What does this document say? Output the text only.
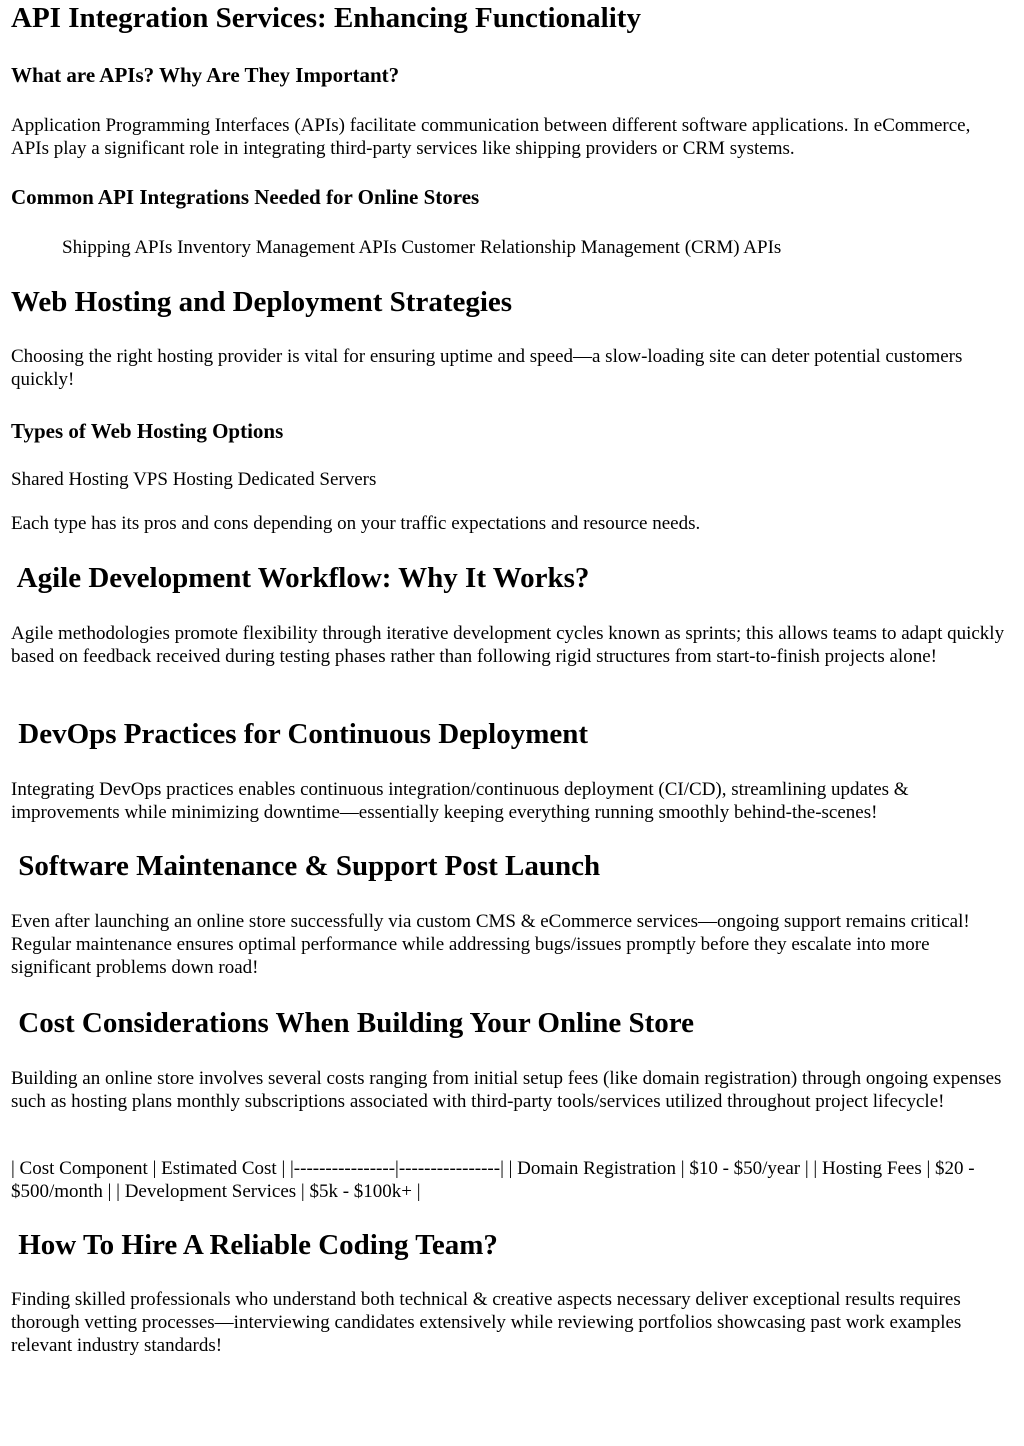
API Integration Services: Enhancing Functionality
What are APIs? Why Are They Important?

Application Programming Interfaces (APIs) facilitate communication between different software applications. In eCommerce, APIs play a significant role in integrating third-party services like shipping providers or CRM systems.

Common API Integrations Needed for Online Stores

Shipping APIs Inventory Management APIs Customer Relationship Management (CRM) APIs

Web Hosting and Deployment Strategies

Choosing the right hosting provider is vital for ensuring uptime and speed—a slow-loading site can deter potential customers quickly!

Types of Web Hosting Options

Shared Hosting VPS Hosting Dedicated Servers

Each type has its pros and cons depending on your traffic expectations and resource needs.

Agile Development Workflow: Why It Works?

Agile methodologies promote flexibility through iterative development cycles known as sprints; this allows teams to adapt quickly based on feedback received during testing phases rather than following rigid structures from start-to-finish projects alone!

DevOps Practices for Continuous Deployment

Integrating DevOps practices enables continuous integration/continuous deployment (CI/CD), streamlining updates & improvements while minimizing downtime—essentially keeping everything running smoothly behind-the-scenes!

Software Maintenance & Support Post Launch

Even after launching an online store successfully via custom CMS & eCommerce services—ongoing support remains critical! Regular maintenance ensures optimal performance while addressing bugs/issues promptly before they escalate into more significant problems down road!

Cost Considerations When Building Your Online Store

Building an online store involves several costs ranging from initial setup fees (like domain registration) through ongoing expenses such as hosting plans monthly subscriptions associated with third-party tools/services utilized throughout project lifecycle!

| Cost Component | Estimated Cost | |----------------|----------------| | Domain Registration | $10 - $50/year | | Hosting Fees | $20 - $500/month | | Development Services | $5k - $100k+ |

How To Hire A Reliable Coding Team?

Finding skilled professionals who understand both technical & creative aspects necessary deliver exceptional results requires thorough vetting processes—interviewing candidates extensively while reviewing portfolios showcasing past work examples relevant industry standards!
